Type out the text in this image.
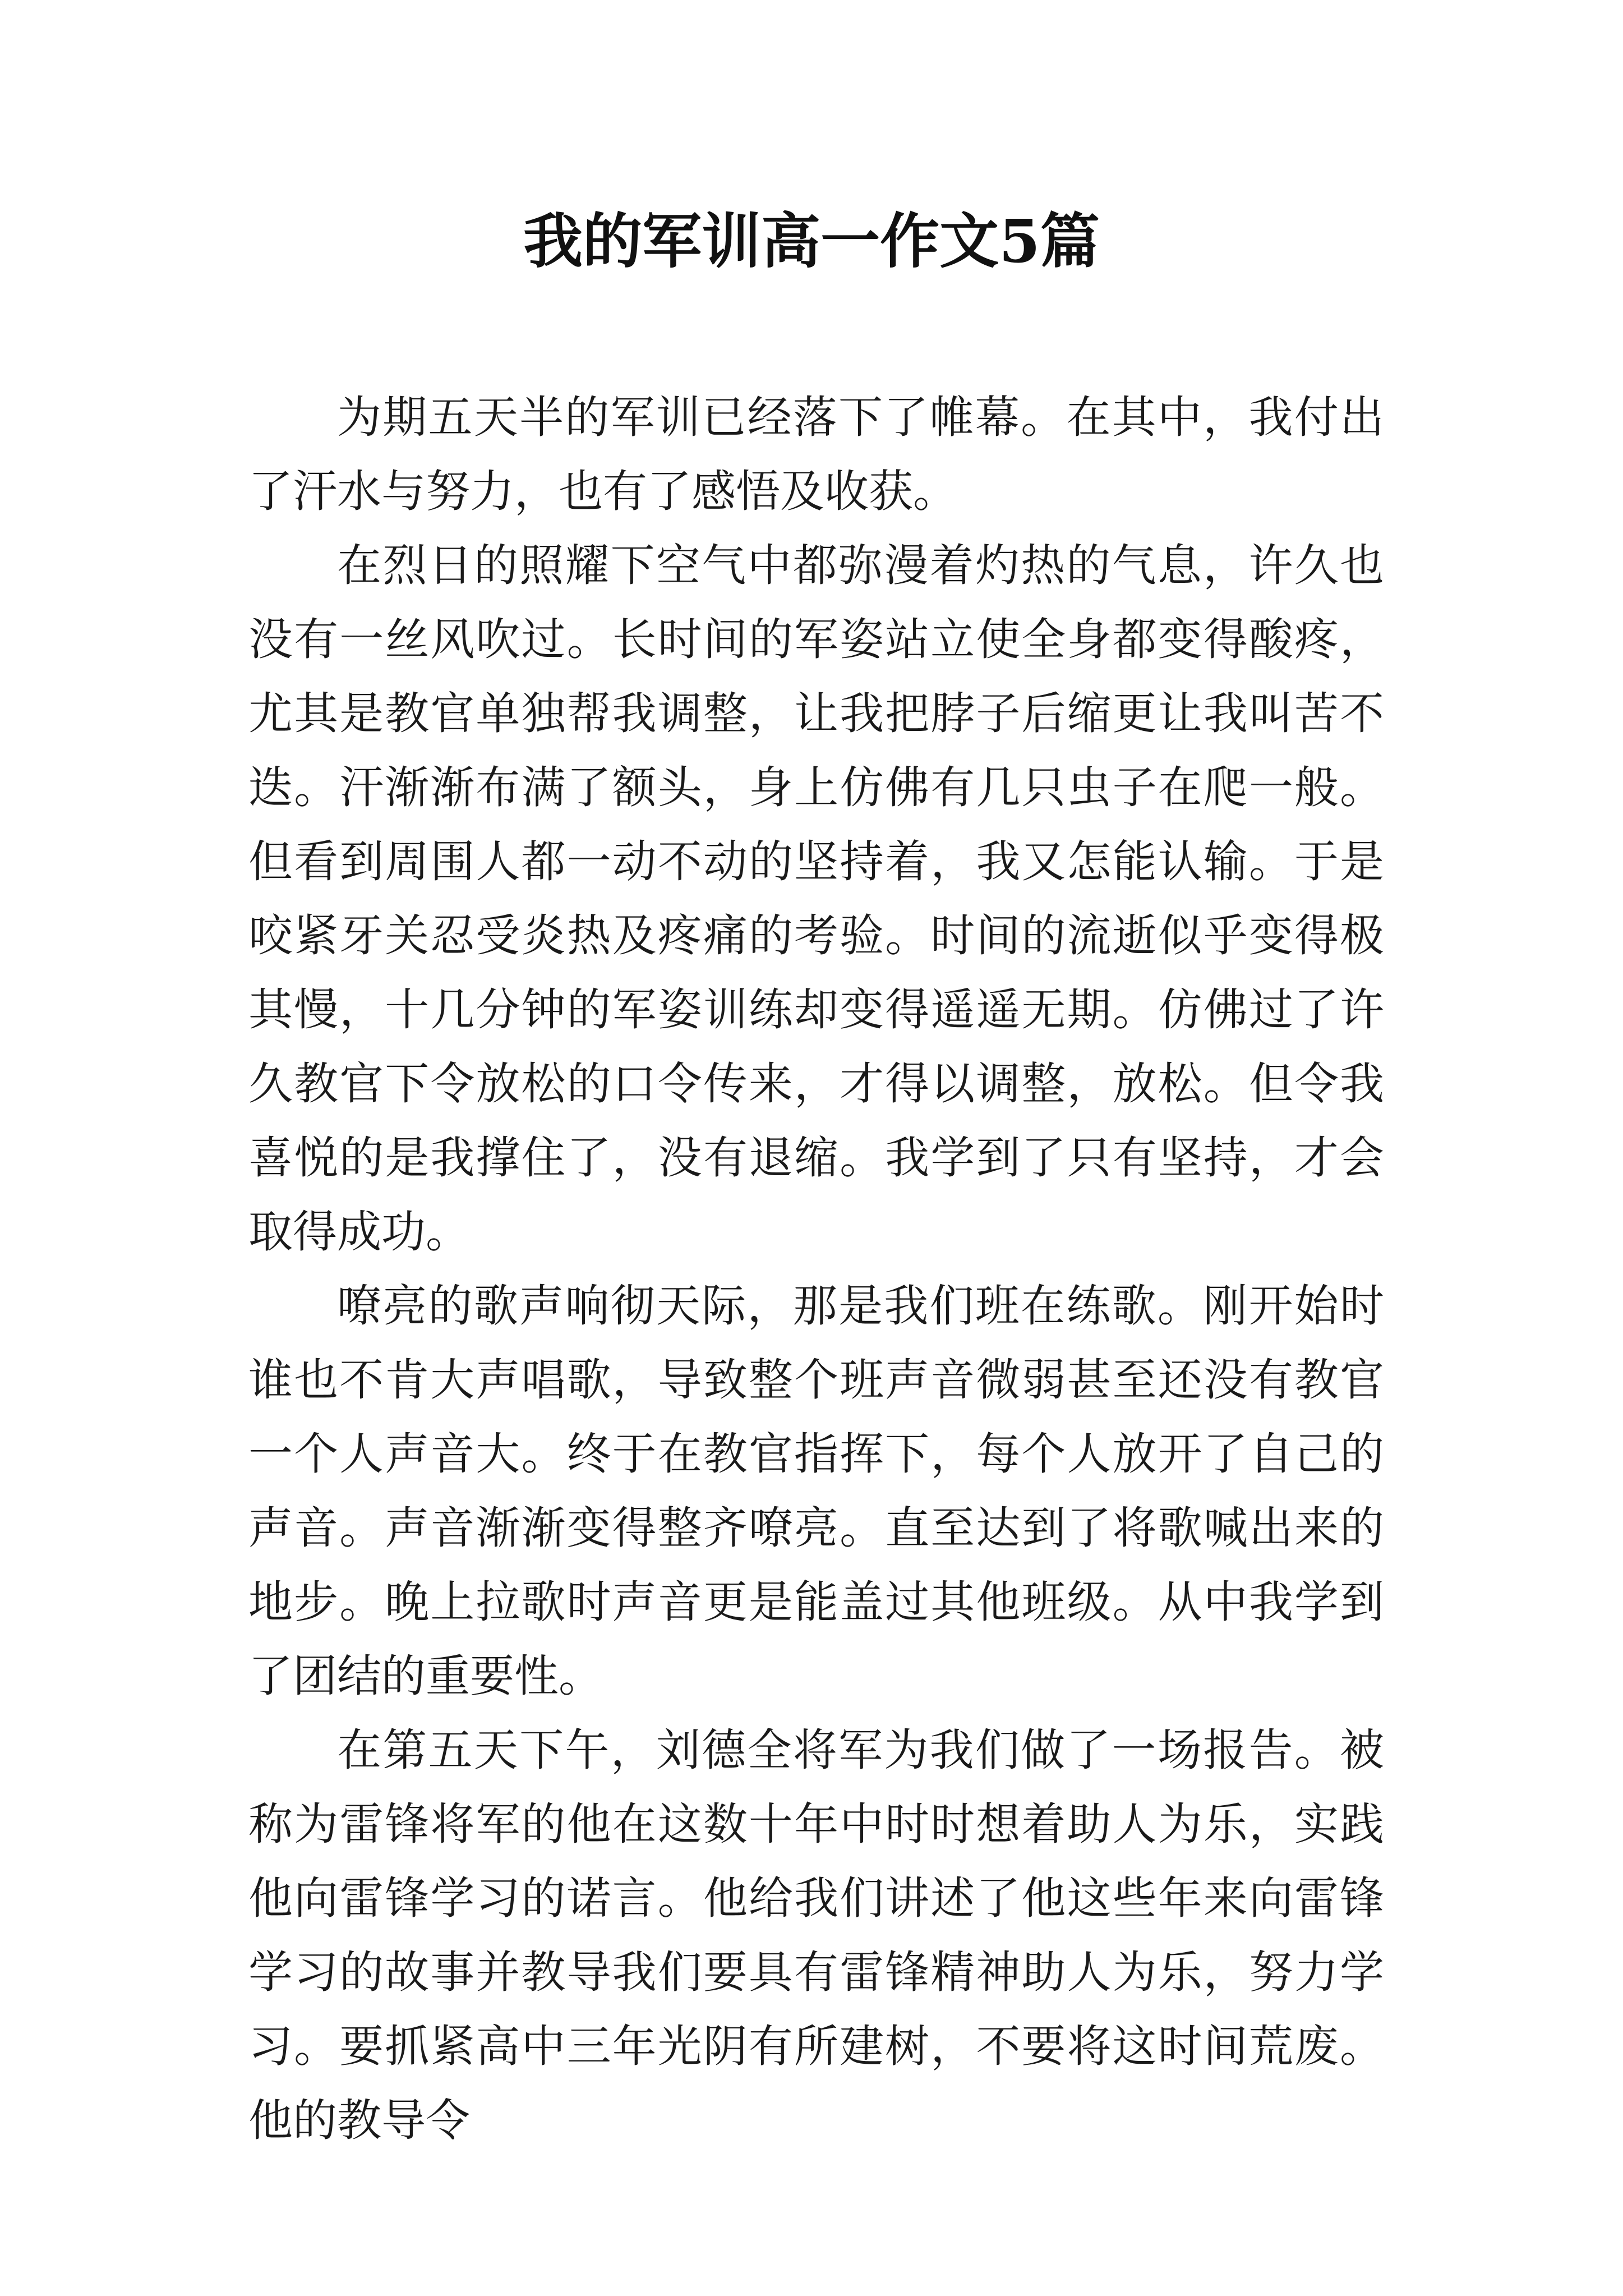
我的军训高一作文5篇

为期五天半的军训已经落下了帷幕。在其中，我付出了汗水与努力，也有了感悟及收获。

在烈日的照耀下空气中都弥漫着灼热的气息，许久也没有一丝风吹过。长时间的军姿站立使全身都变得酸疼，尤其是教官单独帮我调整，让我把脖子后缩更让我叫苦不迭。汗渐渐布满了额头，身上仿佛有几只虫子在爬一般。但看到周围人都一动不动的坚持着，我又怎能认输。于是咬紧牙关忍受炎热及疼痛的考验。时间的流逝似乎变得极其慢，十几分钟的军姿训练却变得遥遥无期。仿佛过了许久教官下令放松的口令传来，才得以调整，放松。但令我喜悦的是我撑住了，没有退缩。我学到了只有坚持，才会取得成功。

嘹亮的歌声响彻天际，那是我们班在练歌。刚开始时谁也不肯大声唱歌，导致整个班声音微弱甚至还没有教官一个人声音大。终于在教官指挥下，每个人放开了自己的声音。声音渐渐变得整齐嘹亮。直至达到了将歌喊出来的地步。晚上拉歌时声音更是能盖过其他班级。从中我学到了团结的重要性。

在第五天下午，刘德全将军为我们做了一场报告。被称为雷锋将军的他在这数十年中时时想着助人为乐，实践他向雷锋学习的诺言。他给我们讲述了他这些年来向雷锋学习的故事并教导我们要具有雷锋精神助人为乐，努力学习。要抓紧高中三年光阴有所建树，不要将这时间荒废。他的教导令
